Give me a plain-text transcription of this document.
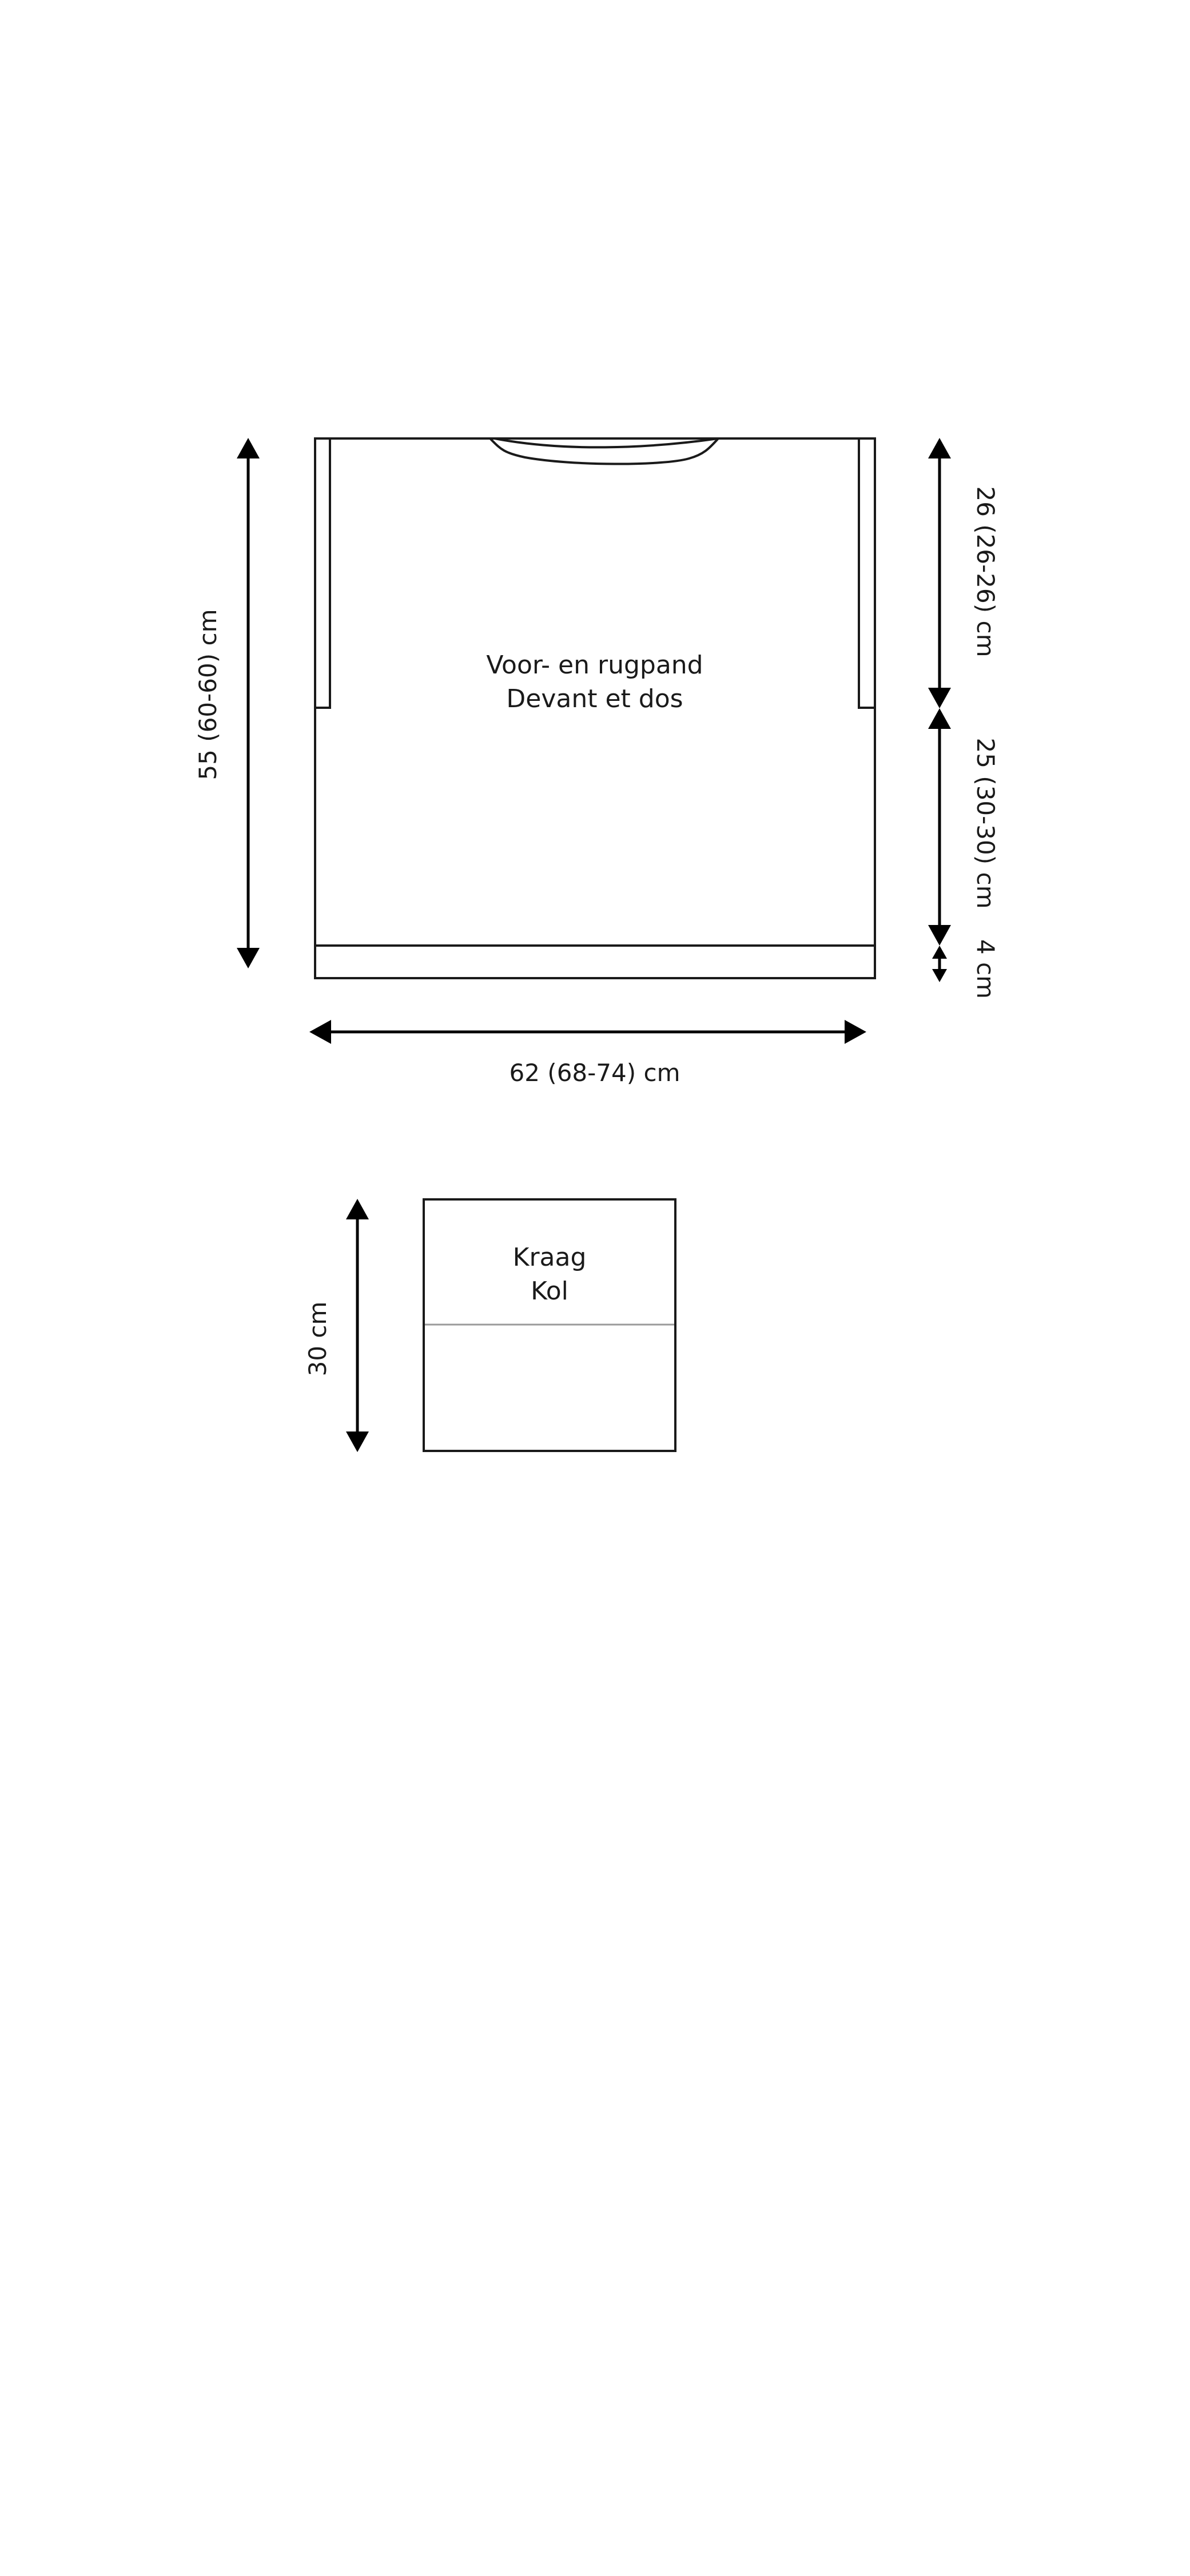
Voor- en rugpand
Devant et dos
55 (60-60) cm
62 (68-74) cm
26 (26-26) cm
25 (30-30) cm
4 cm
Kraag
Kol
30 cm
